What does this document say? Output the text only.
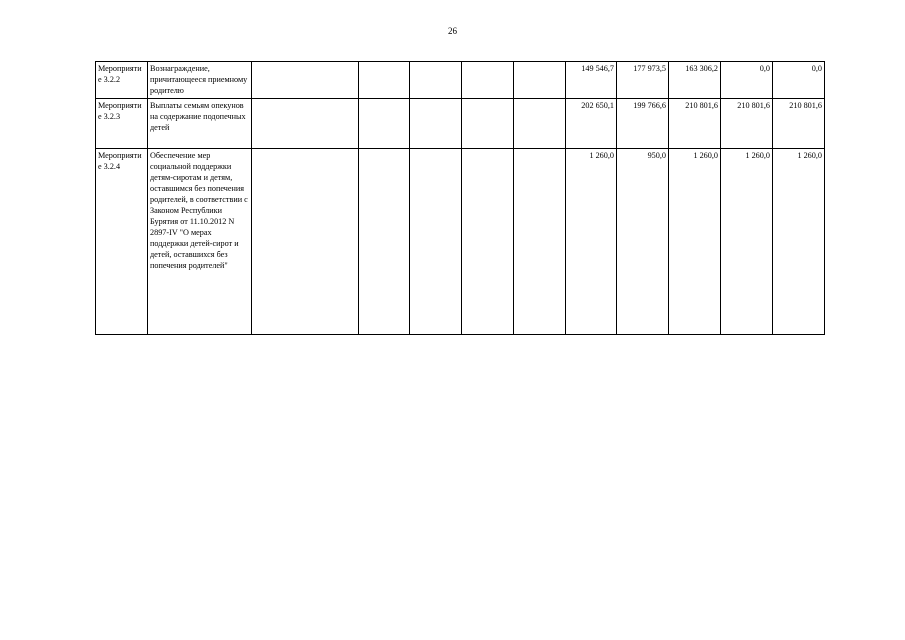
26
Мероприятие 3.2.2	Вознаграждение, причитающееся приемному родителю						149 546,7	177 973,5	163 306,2	0,0	0,0
Мероприятие 3.2.3	Выплаты семьям опекунов на содержание подопечных детей						202 650,1	199 766,6	210 801,6	210 801,6	210 801,6
Мероприятие 3.2.4	Обеспечение мер социальной поддержки детям-сиротам и детям, оставшимся без попечения родителей, в соответствии с Законом Республики Бурятия от 11.10.2012 N 2897-IV "О мерах поддержки детей-сирот и детей, оставшихся без попечения родителей"						1 260,0	950,0	1 260,0	1 260,0	1 260,0
